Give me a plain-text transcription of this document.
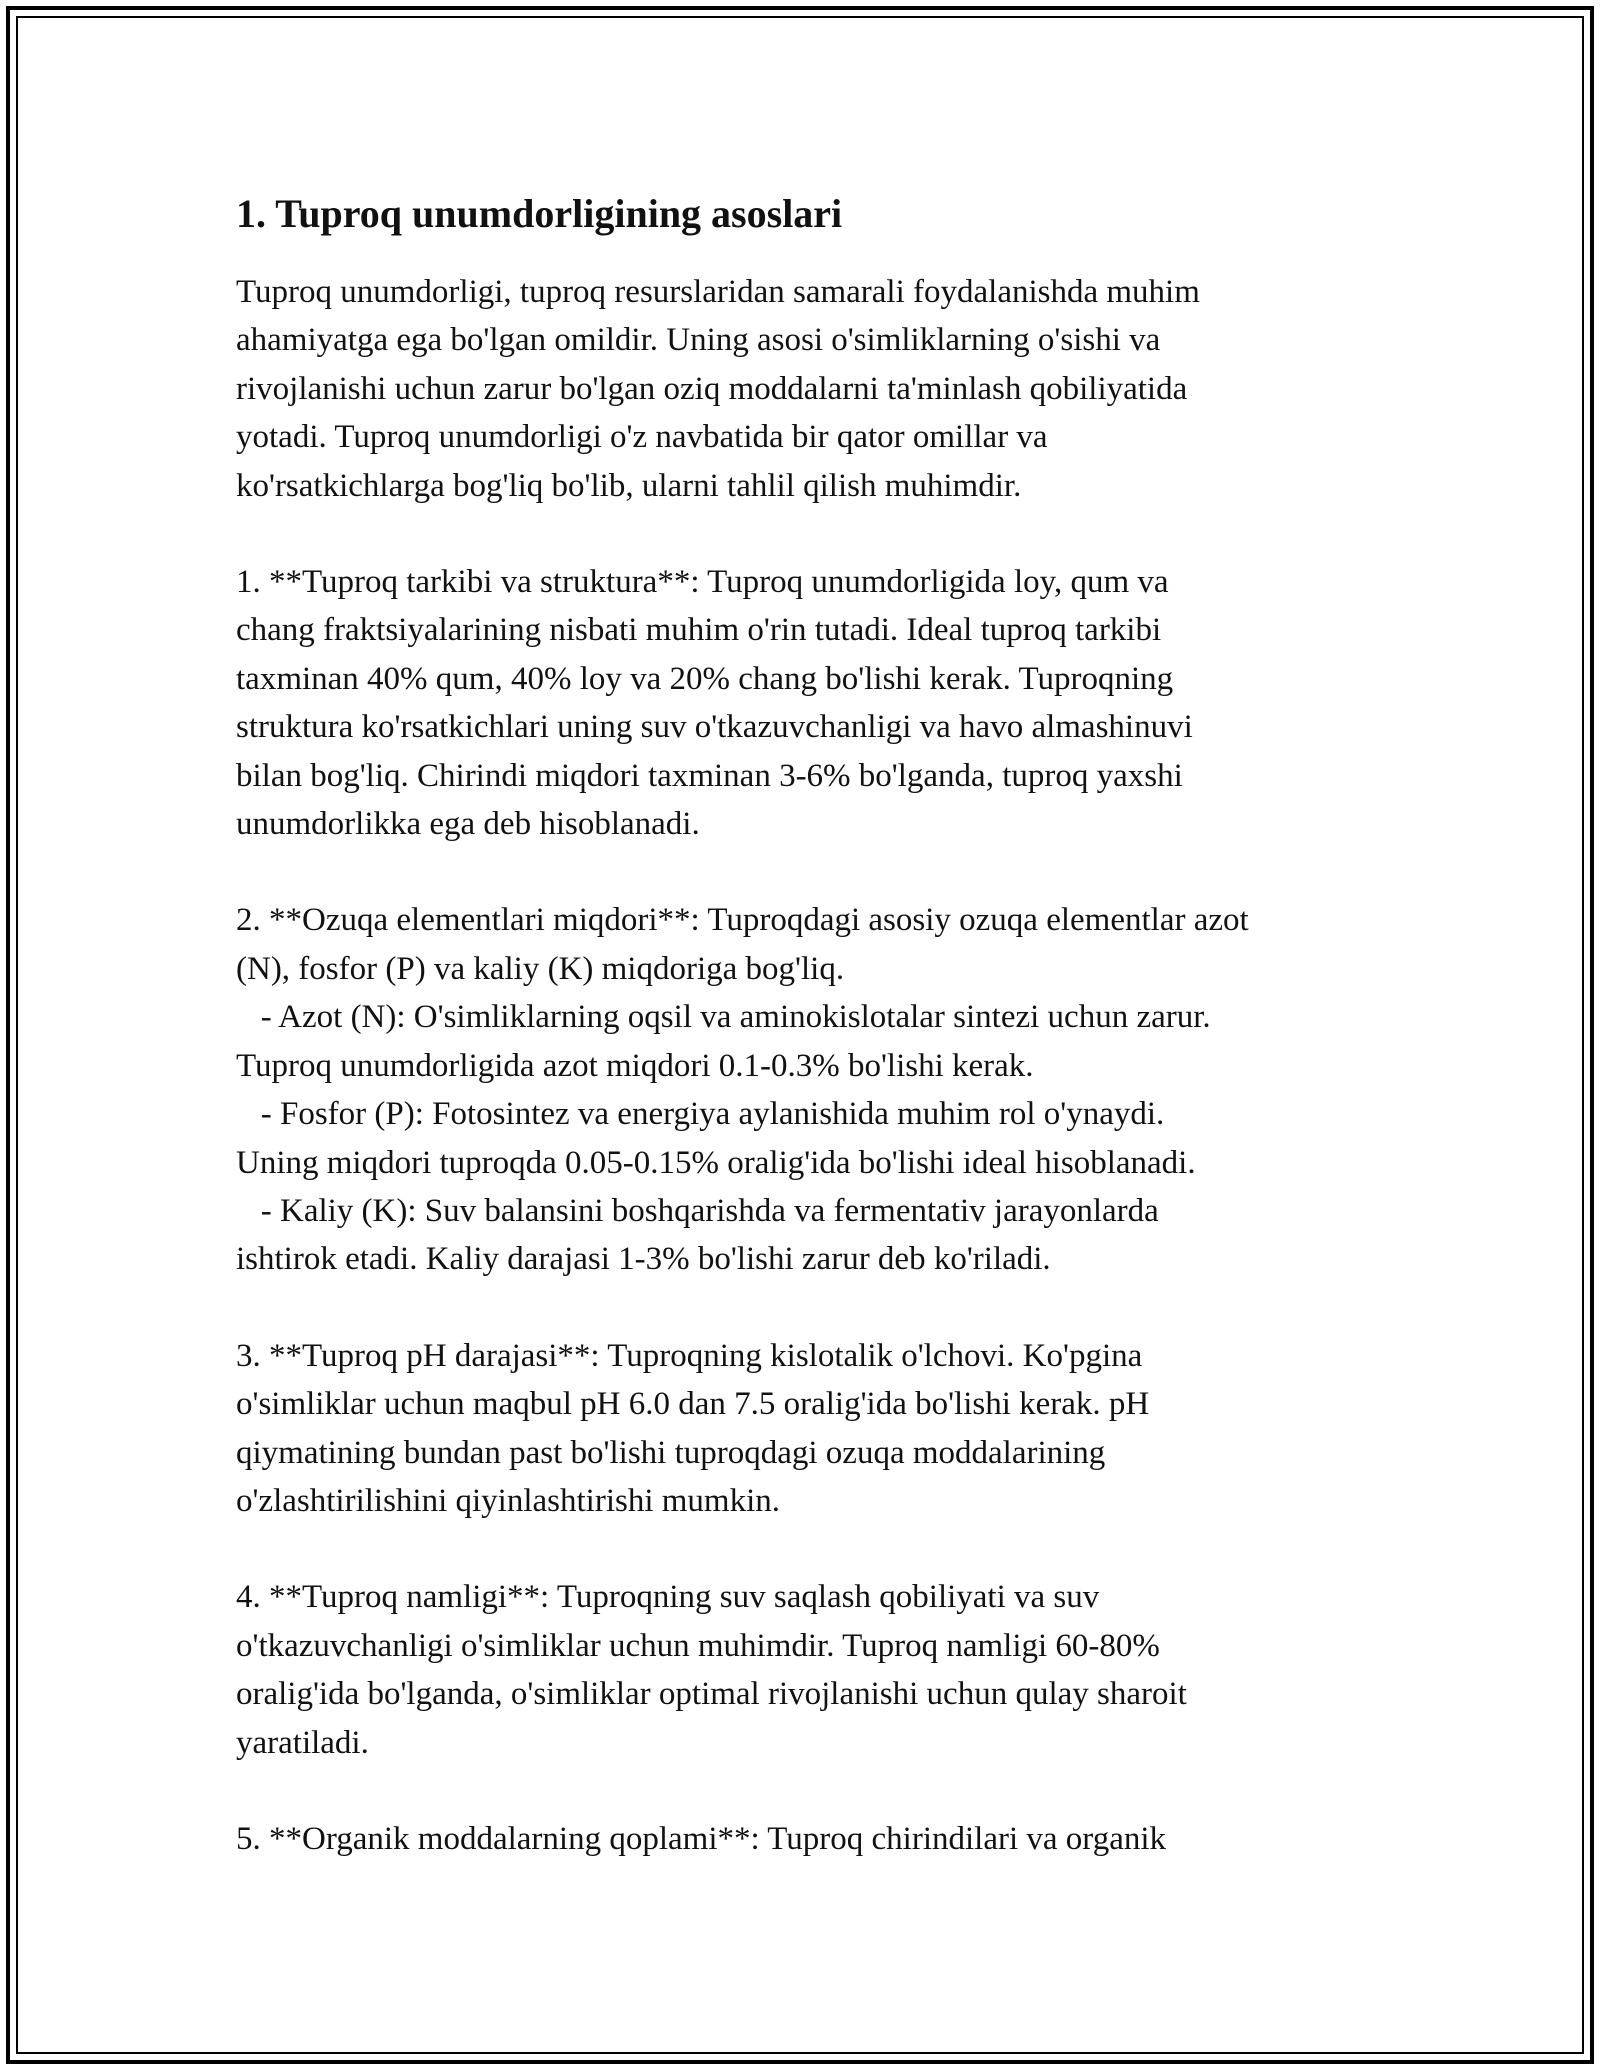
1. Tuproq unumdorligining asoslari

Tuproq unumdorligi, tuproq resurslaridan samarali foydalanishda muhim
ahamiyatga ega bo'lgan omildir. Uning asosi o'simliklarning o'sishi va
rivojlanishi uchun zarur bo'lgan oziq moddalarni ta'minlash qobiliyatida
yotadi. Tuproq unumdorligi o'z navbatida bir qator omillar va
ko'rsatkichlarga bog'liq bo'lib, ularni tahlil qilish muhimdir.

1. **Tuproq tarkibi va struktura**: Tuproq unumdorligida loy, qum va
chang fraktsiyalarining nisbati muhim o'rin tutadi. Ideal tuproq tarkibi
taxminan 40% qum, 40% loy va 20% chang bo'lishi kerak. Tuproqning
struktura ko'rsatkichlari uning suv o'tkazuvchanligi va havo almashinuvi
bilan bog'liq. Chirindi miqdori taxminan 3-6% bo'lganda, tuproq yaxshi
unumdorlikka ega deb hisoblanadi.

2. **Ozuqa elementlari miqdori**: Tuproqdagi asosiy ozuqa elementlar azot
(N), fosfor (P) va kaliy (K) miqdoriga bog'liq.
- Azot (N): O'simliklarning oqsil va aminokislotalar sintezi uchun zarur.
Tuproq unumdorligida azot miqdori 0.1-0.3% bo'lishi kerak.
- Fosfor (P): Fotosintez va energiya aylanishida muhim rol o'ynaydi.
Uning miqdori tuproqda 0.05-0.15% oralig'ida bo'lishi ideal hisoblanadi.
- Kaliy (K): Suv balansini boshqarishda va fermentativ jarayonlarda
ishtirok etadi. Kaliy darajasi 1-3% bo'lishi zarur deb ko'riladi.

3. **Tuproq pH darajasi**: Tuproqning kislotalik o'lchovi. Ko'pgina
o'simliklar uchun maqbul pH 6.0 dan 7.5 oralig'ida bo'lishi kerak. pH
qiymatining bundan past bo'lishi tuproqdagi ozuqa moddalarining
o'zlashtirilishini qiyinlashtirishi mumkin.

4. **Tuproq namligi**: Tuproqning suv saqlash qobiliyati va suv
o'tkazuvchanligi o'simliklar uchun muhimdir. Tuproq namligi 60-80%
oralig'ida bo'lganda, o'simliklar optimal rivojlanishi uchun qulay sharoit
yaratiladi.

5. **Organik moddalarning qoplami**: Tuproq chirindilari va organik
